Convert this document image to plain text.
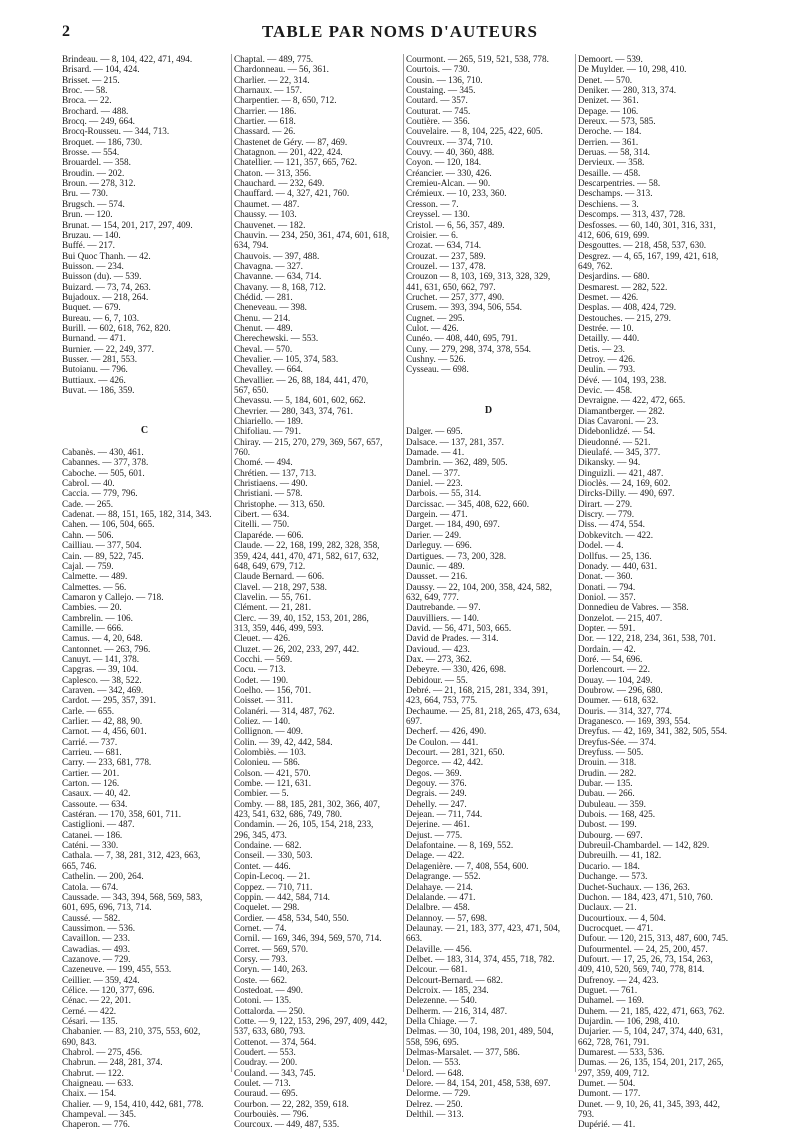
2	TABLE PAR NOMS D'AUTEURS
Brindeau. — 8, 104, 422, 471, 494.
Brisard. — 104, 424.
Brisset. — 215.
Broc. — 58.
Broca. — 22.
Brochard. — 488.
Brocq. — 249, 664.
Brocq-Rousseu. — 344, 713.
Broquet. — 186, 730.
Brosse. — 554.
Brouardel. — 358.
Broudin. — 202.
Broun. — 278, 312.
Bru. — 730.
Brugsch. — 574.
Brun. — 120.
Brunat. — 154, 201, 217, 297, 409.
Bruzau. — 140.
Buffé. — 217.
Bui Quoc Thanh. — 42.
Buisson. — 234.
Buisson (du). — 539.
Buizard. — 73, 74, 263.
Bujadoux. — 218, 264.
Buquet. — 679.
Bureau. — 6, 7, 103.
Burill. — 602, 618, 762, 820.
Burnand. — 471.
Burnier. — 22, 249, 377.
Busser. — 281, 553.
Butoianu. — 796.
Buttiaux. — 426.
Buvat. — 186, 359.
C
Cabanès. — 430, 461.
Cabannes. — 377, 378.
Caboche. — 505, 601.
Cabrol. — 40.
Caccia. — 779, 796.
Cade. — 265.
Cadenat. — 88, 151, 165, 182, 314, 343.
Cahen. — 106, 504, 665.
Cahn. — 506.
Cailliau. — 377, 504.
Cain. — 89, 522, 745.
Cajal. — 759.
Calmette. — 489.
Calmettes. — 56.
Camaron y Callejo. — 718.
Cambies. — 20.
Cambrelin. — 106.
Camille. — 666.
Camus. — 4, 20, 648.
Cantonnet. — 263, 796.
Canuyt. — 141, 378.
Capgras. — 39, 104.
Caplesco. — 38, 522.
Caraven. — 342, 469.
Cardot. — 295, 357, 391.
Carle. — 655.
Carlier. — 42, 88, 90.
Carnot. — 4, 456, 601.
Carrié. — 737.
Carrieu. — 681.
Carry. — 233, 681, 778.
Cartier. — 201.
Carton. — 126.
Casaux. — 40, 42.
Cassoute. — 634.
Castéran. — 170, 358, 601, 711.
Castiglioni. — 487.
Catanei. — 186.
Caténi. — 330.
Cathala. — 7, 38, 281, 312, 423, 663,
665, 746.
Cathelin. — 200, 264.
Catola. — 674.
Caussade. — 343, 394, 568, 569, 583,
601, 695, 696, 713, 714.
Caussé. — 582.
Caussimon. — 536.
Cavaillon. — 233.
Cawadias. — 493.
Cazanove. — 729.
Cazeneuve. — 199, 455, 553.
Ceillier. — 359, 424.
Célice. — 120, 377, 696.
Cénac. — 22, 201.
Cerné. — 422.
Césari. — 135.
Chabanier. — 83, 210, 375, 553, 602,
690, 843.
Chabrol. — 275, 456.
Chabrun. — 248, 281, 374.
Chabrut. — 122.
Chaigneau. — 633.
Chaix. — 154.
Chalier. — 9, 154, 410, 442, 681, 778.
Champeval. — 345.
Chaperon. — 776.
Chaptal. — 489, 775.
Chardonneau. — 56, 361.
Charlier. — 22, 314.
Charnaux. — 157.
Charpentier. — 8, 650, 712.
Charrier. — 186.
Chartier. — 618.
Chassard. — 26.
Chastenet de Géry. — 87, 469.
Chatagnon. — 201, 422, 424.
Chatellier. — 121, 357, 665, 762.
Chaton. — 313, 356.
Chauchard. — 232, 649.
Chauffard. — 4, 327, 421, 760.
Chaumet. — 487.
Chaussy. — 103.
Chauvenet. — 182.
Chauvin. — 234, 250, 361, 474, 601, 618,
634, 794.
Chauvois. — 397, 488.
Chavagna. — 327.
Chavanne. — 634, 714.
Chavany. — 8, 168, 712.
Chédid. — 281.
Cheneveau. — 398.
Chenu. — 214.
Chenut. — 489.
Cherechewski. — 553.
Cheval. — 570.
Chevalier. — 105, 374, 583.
Chevalley. — 664.
Chevallier. — 26, 88, 184, 441, 470,
567, 650.
Chevassu. — 5, 184, 601, 602, 662.
Chevrier. — 280, 343, 374, 761.
Chiariello. — 189.
Chifoliau. — 791.
Chiray. — 215, 270, 279, 369, 567, 657,
760.
Chomé. — 494.
Chrétien. — 137, 713.
Christiaens. — 490.
Christiani. — 578.
Christophe. — 313, 650.
Cibert. — 634.
Citelli. — 750.
Claparéde. — 606.
Claude. — 22, 168, 199, 282, 328, 358,
359, 424, 441, 470, 471, 582, 617, 632,
648, 649, 679, 712.
Claude Bernard. — 606.
Clavel. — 218, 297, 538.
Clavelin. — 55, 761.
Clément. — 21, 281.
Clerc. — 39, 40, 152, 153, 201, 286,
313, 359, 446, 499, 593.
Cleuet. — 426.
Cluzet. — 26, 202, 233, 297, 442.
Cocchi. — 569.
Cocu. — 713.
Codet. — 190.
Coelho. — 156, 701.
Coisset. — 311.
Colanéri. — 314, 487, 762.
Coliez. — 140.
Collignon. — 409.
Colin. — 39, 42, 442, 584.
Colombiès. — 103.
Colonieu. — 586.
Colson. — 421, 570.
Combe. — 121, 631.
Combier. — 5.
Comby. — 88, 185, 281, 302, 366, 407,
423, 541, 632, 686, 749, 780.
Condamin. — 26, 105, 154, 218, 233,
296, 345, 473.
Condaine. — 682.
Conseil. — 330, 503.
Contet. — 446.
Copin-Lecoq. — 21.
Coppez. — 710, 711.
Coppin. — 442, 584, 714.
Coquelet. — 298.
Cordier. — 458, 534, 540, 550.
Cornet. — 74.
Cornil. — 169, 346, 394, 569, 570, 714.
Corret. — 569, 570.
Corsy. — 793.
Coryn. — 140, 263.
Coste. — 662.
Costedoat. — 490.
Cotoni. — 135.
Cottalorda. — 250.
Cotte. — 9, 122, 153, 296, 297, 409, 442,
537, 633, 680, 793.
Cottenot. — 374, 564.
Coudert. — 553.
Coudray. — 200.
Couland. — 343, 745.
Coulet. — 713.
Couraud. — 695.
Courbon. — 22, 282, 359, 618.
Courbouiès. — 796.
Courcoux. — 449, 487, 535.
Courmont. — 265, 519, 521, 538, 778.
Courtois. — 730.
Cousin. — 136, 710.
Coustaing. — 345.
Coutard. — 357.
Couturat. — 745.
Coutière. — 356.
Couvelaire. — 8, 104, 225, 422, 605.
Couvreux. — 374, 710.
Couvy. — 40, 360, 488.
Coyon. — 120, 184.
Créancier. — 330, 426.
Cremieu-Alcan. — 90.
Crémieux. — 10, 233, 360.
Cresson. — 7.
Creyssel. — 130.
Cristol. — 6, 56, 357, 489.
Croisier. — 6.
Crozat. — 634, 714.
Crouzat. — 237, 589.
Crouzel. — 137, 478.
Crouzon — 8, 103, 169, 313, 328, 329,
441, 631, 650, 662, 797.
Cruchet. — 257, 377, 490.
Crusem. — 393, 394, 506, 554.
Cugnet. — 295.
Culot. — 426.
Cunéo. — 408, 440, 695, 791.
Cuny. — 279, 298, 374, 378, 554.
Cushny. — 526.
Cysseau. — 698.
D
Dalger. — 695.
Dalsace. — 137, 281, 357.
Damade. — 41.
Dambrin. — 362, 489, 505.
Danel. — 377.
Daniel. — 223.
Darbois. — 55, 314.
Darcissac. — 345, 408, 622, 660.
Dargein. — 471.
Darget. — 184, 490, 697.
Darier. — 249.
Darleguy. — 696.
Dartigues. — 73, 200, 328.
Daunic. — 489.
Dausset. — 216.
Daussy. — 22, 104, 200, 358, 424, 582,
632, 649, 777.
Dautrebande. — 97.
Dauvilliers. — 140.
David. — 56, 471, 503, 665.
David de Prades. — 314.
Davioud. — 423.
Dax. — 273, 362.
Debeyre. — 330, 426, 698.
Debidour. — 55.
Debré. — 21, 168, 215, 281, 334, 391,
423, 664, 753, 775.
Dechaume. — 25, 81, 218, 265, 473, 634,
697.
Decherf. — 426, 490.
De Coulon. — 441.
Decourt. — 281, 321, 650.
Degorce. — 42, 442.
Degos. — 369.
Degouy. — 376.
Degrais. — 249.
Dehelly. — 247.
Dejean. — 711, 744.
Dejerine. — 461.
Dejust. — 775.
Delafontaine. — 8, 169, 552.
Delage. — 422.
Delagenière. — 7, 408, 554, 600.
Delagrange. — 552.
Delahaye. — 214.
Delalande. — 471.
Delalbre. — 458.
Delannoy. — 57, 698.
Delaunay. — 21, 183, 377, 423, 471, 504,
663.
Delaville. — 456.
Delbet. — 183, 314, 374, 455, 718, 782.
Delcour. — 681.
Delcourt-Bernard. — 682.
Delcroix. — 185, 234.
Delezenne. — 540.
Delherm. — 216, 314, 487.
Della Chiage. — 7.
Delmas. — 30, 104, 198, 201, 489, 504,
558, 596, 695.
Delmas-Marsalet. — 377, 586.
Delon. — 553.
Delord. — 648.
Delore. — 84, 154, 201, 458, 538, 697.
Delorme. — 729.
Delrez. — 250.
Delthil. — 313.
Demoort. — 539.
De Muylder. — 10, 298, 410.
Denet. — 570.
Deniker. — 280, 313, 374.
Denizet. — 361.
Depage. — 106.
Dereux. — 573, 585.
Deroche. — 184.
Derrien. — 361.
Deruas. — 58, 314.
Dervieux. — 358.
Desaille. — 458.
Descarpentries. — 58.
Deschamps. — 313.
Deschiens. — 3.
Descomps. — 313, 437, 728.
Desfosses. — 60, 140, 301, 316, 331,
412, 606, 619, 699.
Desgouttes. — 218, 458, 537, 630.
Desgrez. — 4, 65, 167, 199, 421, 618,
649, 762.
Desjardins. — 680.
Desmarest. — 282, 522.
Desmet. — 426.
Desplas. — 408, 424, 729.
Destouches. — 215, 279.
Destrée. — 10.
Detailly. — 440.
Detis. — 23.
Detroy. — 426.
Deulin. — 793.
Dévé. — 104, 193, 238.
Devic. — 458.
Devraigne. — 422, 472, 665.
Diamantberger. — 282.
Dias Cavaroni. — 23.
Didebonlidzé. — 54.
Dieudonné. — 521.
Dieulafé. — 345, 377.
Dikansky. — 94.
Dinguizli. — 421, 487.
Dioclès. — 24, 169, 602.
Dircks-Dilly. — 490, 697.
Dirart. — 279.
Discry. — 779.
Diss. — 474, 554.
Dobkevitch. — 422.
Dodel. — 4.
Dollfus. — 25, 136.
Donady. — 440, 631.
Donat. — 360.
Donati. — 794.
Doniol. — 357.
Donnedieu de Vabres. — 358.
Donzelot. — 215, 407.
Dopter. — 591.
Dor. — 122, 218, 234, 361, 538, 701.
Dordain. — 42.
Doré. — 54, 696.
Dorlencourt. — 22.
Douay. — 104, 249.
Doubrow. — 296, 680.
Doumer. — 618, 632.
Douris. — 314, 327, 774.
Draganesco. — 169, 393, 554.
Dreyfus. — 42, 169, 341, 382, 505, 554.
Dreyfus-Sée. — 374.
Dreyfuss. — 505.
Drouin. — 318.
Drudin. — 282.
Dubar. — 135.
Dubau. — 266.
Dubuleau. — 359.
Dubois. — 168, 425.
Dubost. — 199.
Dubourg. — 697.
Dubreuil-Chambardel. — 142, 829.
Dubreuilh. — 41, 182.
Ducario. — 184.
Duchange. — 573.
Duchet-Suchaux. — 136, 263.
Duchon. — 184, 423, 471, 510, 760.
Duclaux. — 21.
Ducourtioux. — 4, 504.
Ducrocquet. — 471.
Dufour. — 120, 215, 313, 487, 600, 745.
Dufourmentel. — 24, 25, 200, 457.
Dufourt. — 17, 25, 26, 73, 154, 263,
409, 410, 520, 569, 740, 778, 814.
Dufrenoy. — 24, 423.
Duguet. — 761.
Duhamel. — 169.
Duhem. — 21, 185, 422, 471, 663, 762.
Dujardin. — 106, 298, 410.
Dujarier. — 5, 104, 247, 374, 440, 631,
662, 728, 761, 791.
Dumarest. — 533, 536.
Dumas. — 26, 135, 154, 201, 217, 265,
297, 359, 409, 712.
Dumet. — 504.
Dumont. — 177.
Dunet. — 9, 10, 26, 41, 345, 393, 442,
793.
Dupérié. — 41.
